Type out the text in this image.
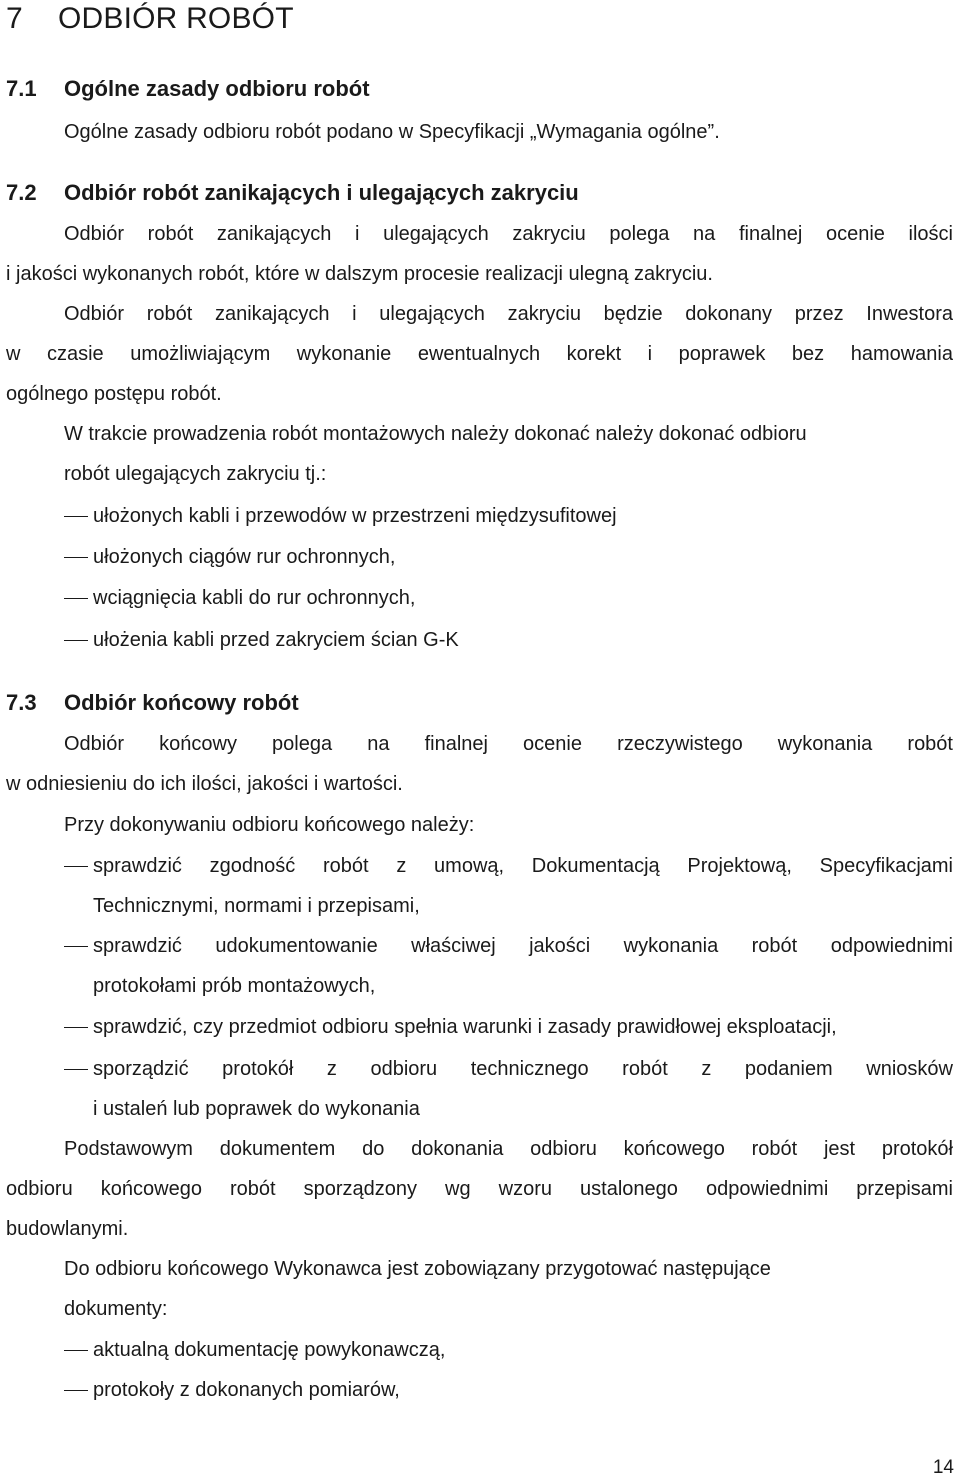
7 ODBIÓR ROBÓT
7.1 Ogólne zasady odbioru robót
Ogólne zasady odbioru robót podano w Specyfikacji „Wymagania ogólne”.
7.2 Odbiór robót zanikających i ulegających zakryciu
Odbiór robót zanikających i ulegających zakryciu polega na finalnej ocenie ilości
i jakości wykonanych robót, które w dalszym procesie realizacji ulegną zakryciu.
Odbiór robót zanikających i ulegających zakryciu będzie dokonany przez Inwestora
w czasie umożliwiającym wykonanie ewentualnych korekt i poprawek bez hamowania
ogólnego postępu robót.
W trakcie prowadzenia robót montażowych należy dokonać należy dokonać odbioru
robót ulegających zakryciu tj.:
ułożonych kabli i przewodów w przestrzeni międzysufitowej
ułożonych ciągów rur ochronnych,
wciągnięcia kabli do rur ochronnych,
ułożenia kabli przed zakryciem ścian G-K
7.3 Odbiór końcowy robót
Odbiór końcowy polega na finalnej ocenie rzeczywistego wykonania robót
w odniesieniu do ich ilości, jakości i wartości.
Przy dokonywaniu odbioru końcowego należy:
sprawdzić zgodność robót z umową, Dokumentacją Projektową, Specyfikacjami
Technicznymi, normami i przepisami,
sprawdzić udokumentowanie właściwej jakości wykonania robót odpowiednimi
protokołami prób montażowych,
sprawdzić, czy przedmiot odbioru spełnia warunki i zasady prawidłowej eksploatacji,
sporządzić protokół z odbioru technicznego robót z podaniem wniosków
i ustaleń lub poprawek do wykonania
Podstawowym dokumentem do dokonania odbioru końcowego robót jest protokół
odbioru końcowego robót sporządzony wg wzoru ustalonego odpowiednimi przepisami
budowlanymi.
Do odbioru końcowego Wykonawca jest zobowiązany przygotować następujące
dokumenty:
aktualną dokumentację powykonawczą,
protokoły z dokonanych pomiarów,
14
